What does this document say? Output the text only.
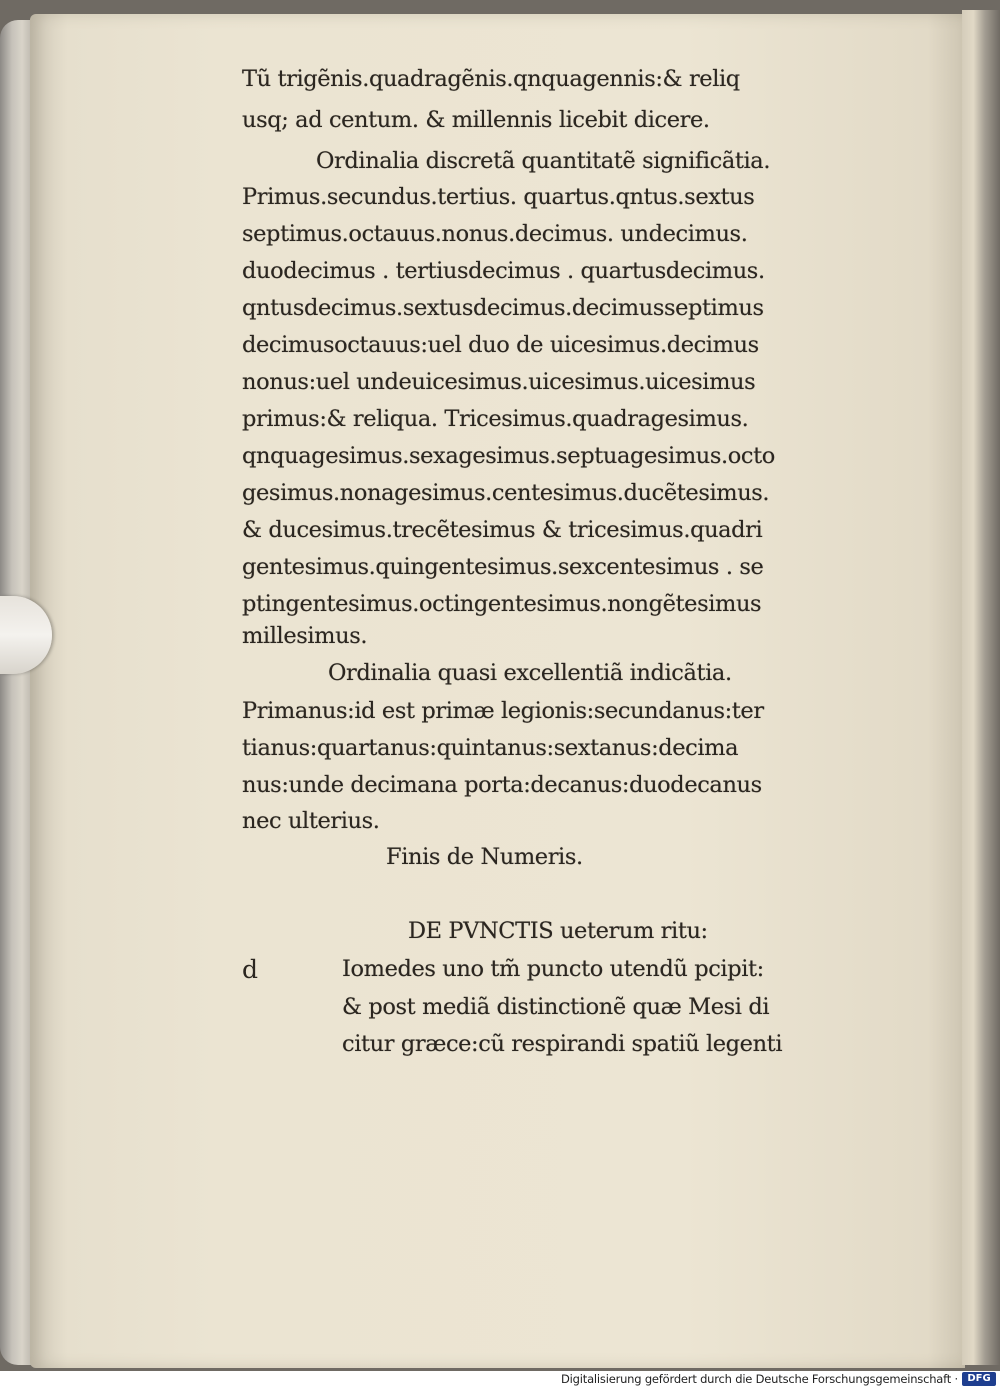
Tũ trigẽnis.quadragẽnis.qnquagennis:& reliq
usq; ad centum. & millennis licebit dicere.
Ordinalia discretã quantitatẽ significãtia.
Primus.secundus.tertius. quartus.qntus.sextus
septimus.octauus.nonus.decimus. undecimus.
duodecimus . tertiusdecimus . quartusdecimus.
qntusdecimus.sextusdecimus.decimusseptimus
decimusoctauus:uel duo de uicesimus.decimus
nonus:uel undeuicesimus.uicesimus.uicesimus
primus:& reliqua. Tricesimus.quadragesimus.
qnquagesimus.sexagesimus.septuagesimus.octo
gesimus.nonagesimus.centesimus.ducẽtesimus.
& ducesimus.trecẽtesimus & tricesimus.quadri
gentesimus.quingentesimus.sexcentesimus . se
ptingentesimus.octingentesimus.nongẽtesimus
millesimus.
Ordinalia quasi excellentiã indicãtia.
Primanus:id est primæ legionis:secundanus:ter
tianus:quartanus:quintanus:sextanus:decima
nus:unde decimana porta:decanus:duodecanus
nec ulterius.
Finis de Numeris.
DE PVNCTIS ueterum ritu:
Iomedes uno tm̃ puncto utendũ pcipit:
& post mediã distinctionẽ quæ Mesi di
citur græce:cũ respirandi spatiũ legenti
d
Digitalisierung gefördert durch die Deutsche Forschungsgemeinschaft · DFG
